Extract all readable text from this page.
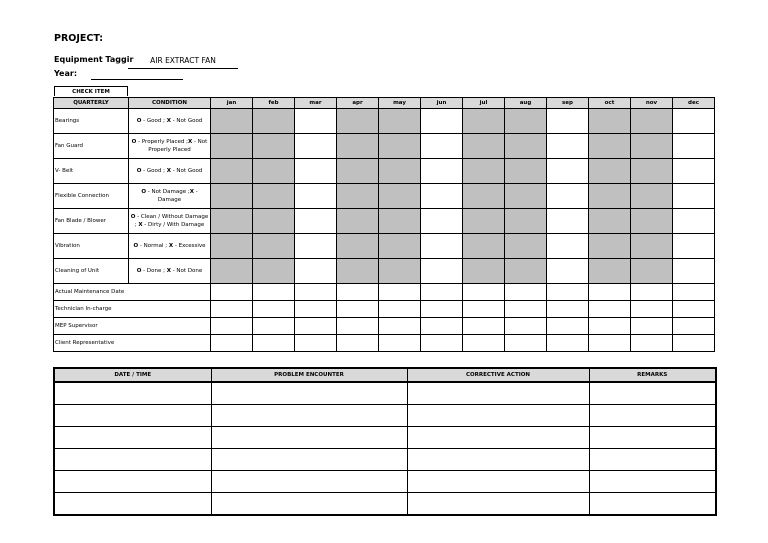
PROJECT:
Equipment Taggir	AIR EXTRACT FAN
Year:
CHECK ITEM
QUARTERLY	CONDITION	jan	feb	mar	apr	may	jun	jul	aug	sep	oct	nov	dec
Bearings	O - Good ; X - Not Good												
Fan Guard	O - Properly Placed ;X - Not Properly Placed												
V- Belt	O - Good ; X - Not Good												
Flexible Connection	O - Not Damage ;X - Damage												
Fan Blade / Blower	O - Clean / Without Damage ; X - Dirty / With Damage												
Vibration	O - Normal ; X - Excessive												
Cleaning of Unit	O - Done ; X - Not Done												
Actual Maintenance Date													
Technician In-charge													
MEP Supervisor													
Client Representative													
DATE / TIME	PROBLEM ENCOUNTER	CORRECTIVE ACTION	REMARKS
